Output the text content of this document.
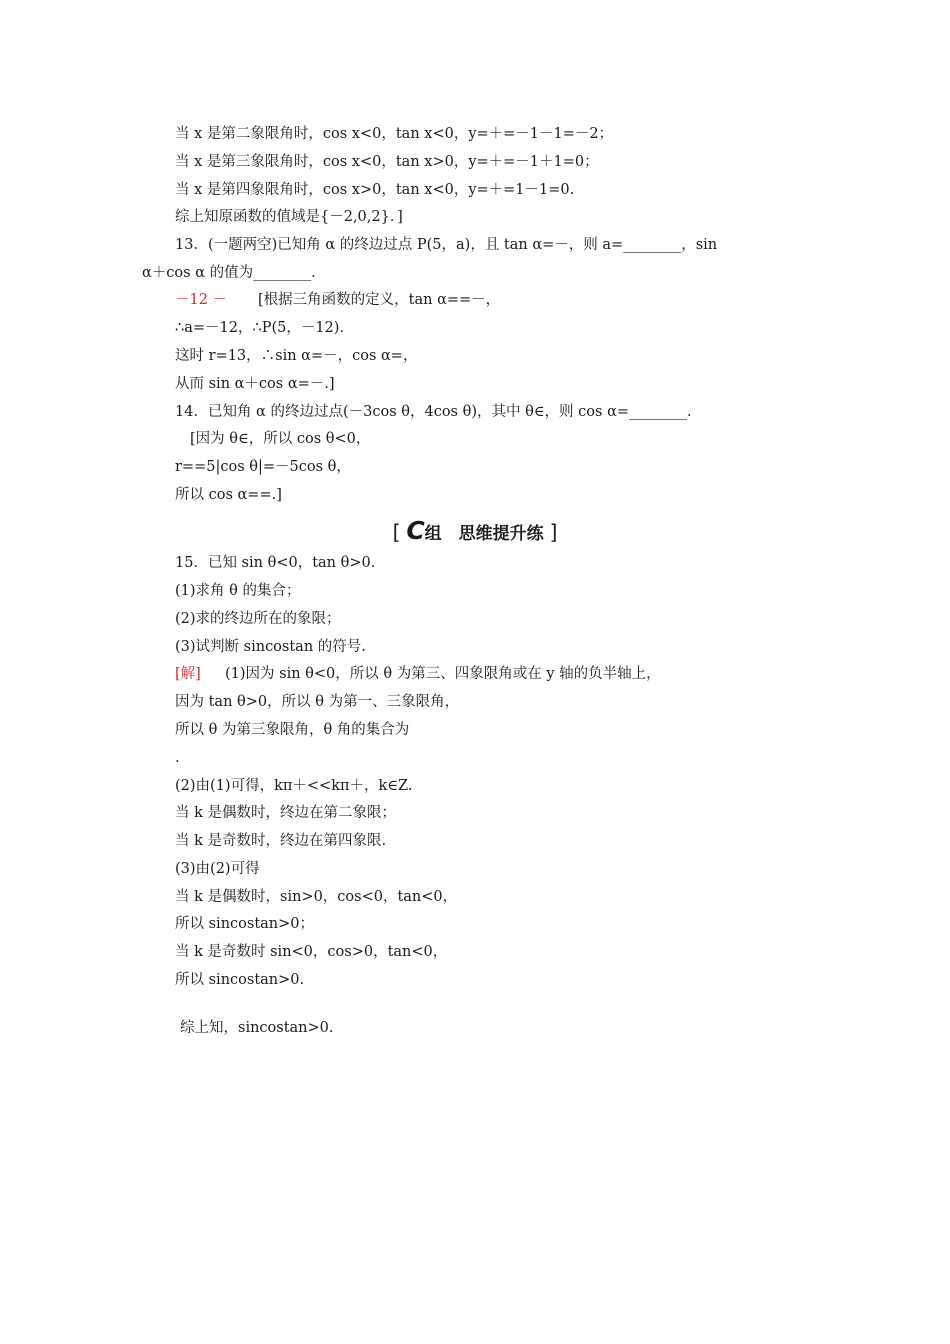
当 x 是第二象限角时，cos x<0，tan x<0，y=＋=－1－1=－2；
当 x 是第三象限角时，cos x<0，tan x>0，y=＋=－1＋1=0；
当 x 是第四象限角时，cos x>0，tan x<0，y=＋=1－1=0.
综上知原函数的值域是{－2,0,2}．]
13．(一题两空)已知角 α 的终边过点 P(5，a)，且 tan α=－，则 a=________，sin
α＋cos α 的值为________．
－12 － [根据三角函数的定义，tan α==－，
∴a=－12，∴P(5，－12)．
这时 r=13，∴sin α=－，cos α=，
从而 sin α＋cos α=－.]
14．已知角 α 的终边过点(－3cos θ，4cos θ)，其中 θ∈，则 cos α=________．
[因为 θ∈，所以 cos θ<0，
r==5|cos θ|=－5cos θ，
所以 cos α==.]
15．已知 sin θ<0，tan θ>0.
(1)求角 θ 的集合；
(2)求的终边所在的象限；
(3)试判断 sincostan 的符号.
[解] (1)因为 sin θ<0，所以 θ 为第三、四象限角或在 y 轴的负半轴上，
因为 tan θ>0，所以 θ 为第一、三象限角，
所以 θ 为第三象限角，θ 角的集合为
.
(2)由(1)可得，kπ＋<<kπ＋，k∈Z.
当 k 是偶数时，终边在第二象限；
当 k 是奇数时，终边在第四象限.
(3)由(2)可得
当 k 是偶数时，sin>0，cos<0，tan<0，
所以 sincostan>0；
当 k 是奇数时 sin<0，cos>0，tan<0，
所以 sincostan>0.
综上知，sincostan>0.
[ C组　思维提升练 ]
